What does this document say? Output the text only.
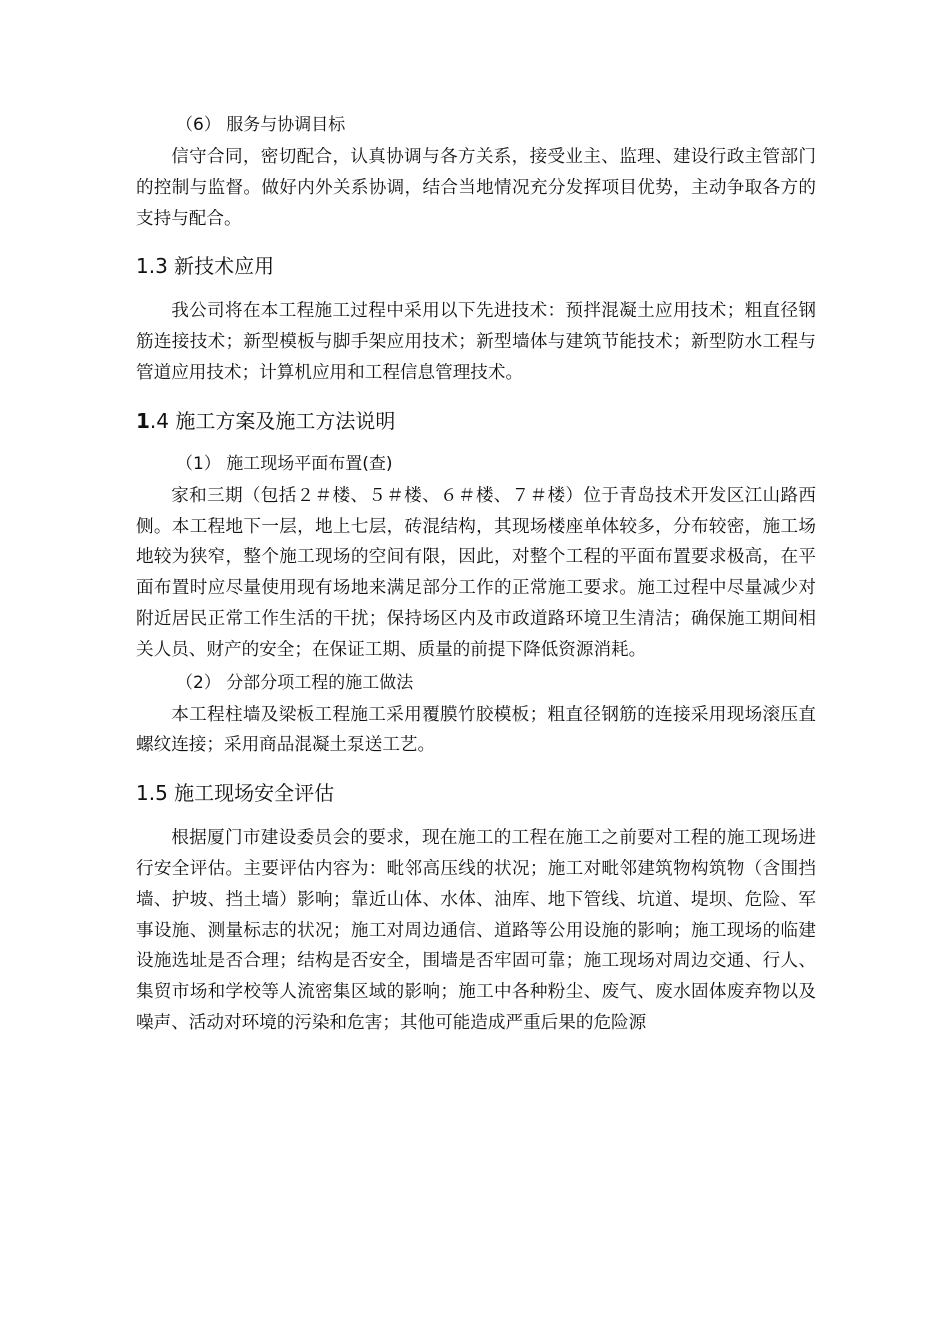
（6） 服务与协调目标

信守合同，密切配合，认真协调与各方关系，接受业主、监理、建设行政主管部门的控制与监督。做好内外关系协调，结合当地情况充分发挥项目优势，主动争取各方的支持与配合。

1.3 新技术应用

我公司将在本工程施工过程中采用以下先进技术：预拌混凝土应用技术；粗直径钢筋连接技术；新型模板与脚手架应用技术；新型墙体与建筑节能技术；新型防水工程与管道应用技术；计算机应用和工程信息管理技术。

1.4 施工方案及施工方法说明
（1） 施工现场平面布置(查)

家和三期（包括２＃楼、５＃楼、６＃楼、７＃楼）位于青岛技术开发区江山路西侧。本工程地下一层，地上七层，砖混结构，其现场楼座单体较多，分布较密，施工场地较为狭窄，整个施工现场的空间有限，因此，对整个工程的平面布置要求极高，在平面布置时应尽量使用现有场地来满足部分工作的正常施工要求。施工过程中尽量减少对附近居民正常工作生活的干扰；保持场区内及市政道路环境卫生清洁；确保施工期间相关人员、财产的安全；在保证工期、质量的前提下降低资源消耗。

（2） 分部分项工程的施工做法

本工程柱墙及梁板工程施工采用覆膜竹胶模板；粗直径钢筋的连接采用现场滚压直螺纹连接；采用商品混凝土泵送工艺。

1.5 施工现场安全评估

根据厦门市建设委员会的要求，现在施工的工程在施工之前要对工程的施工现场进行安全评估。主要评估内容为：毗邻高压线的状况；施工对毗邻建筑物构筑物（含围挡墙、护坡、挡土墙）影响；靠近山体、水体、油库、地下管线、坑道、堤坝、危险、军事设施、测量标志的状况；施工对周边通信、道路等公用设施的影响；施工现场的临建设施选址是否合理；结构是否安全，围墙是否牢固可靠；施工现场对周边交通、行人、集贸市场和学校等人流密集区域的影响；施工中各种粉尘、废气、废水固体废弃物以及噪声、活动对环境的污染和危害；其他可能造成严重后果的危险源
